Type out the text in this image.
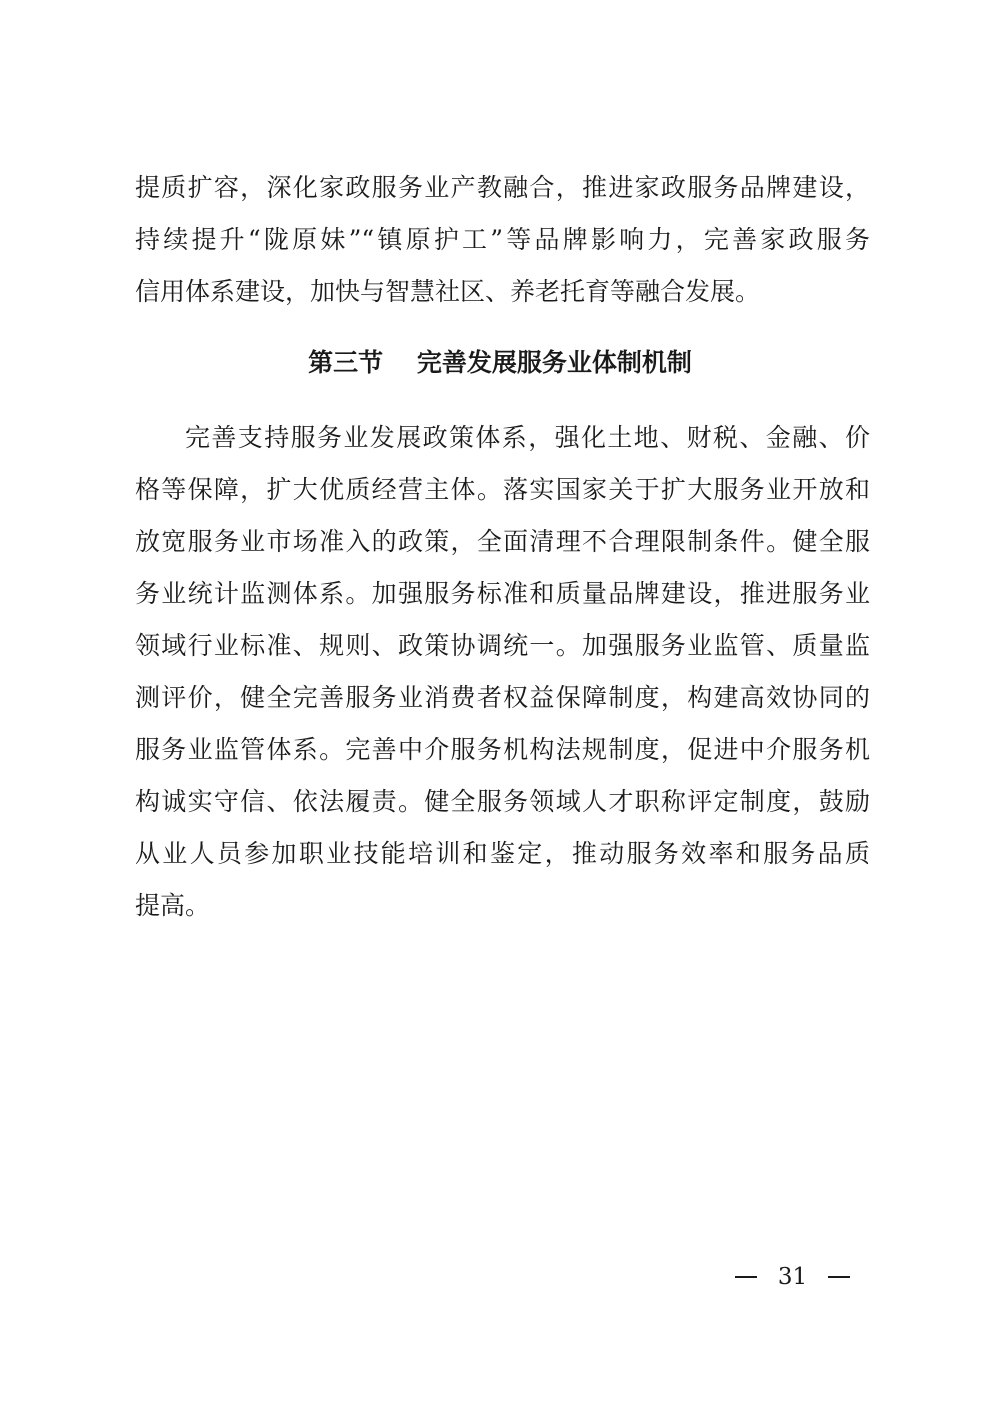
提质扩容，深化家政服务业产教融合，推进家政服务品牌建设，
持续提升“陇原妹”“镇原护工”等品牌影响力，完善家政服务
信用体系建设，加快与智慧社区、养老托育等融合发展。
第三节　 完善发展服务业体制机制
完善支持服务业发展政策体系，强化土地、财税、金融、价
格等保障，扩大优质经营主体。落实国家关于扩大服务业开放和
放宽服务业市场准入的政策，全面清理不合理限制条件。健全服
务业统计监测体系。加强服务标准和质量品牌建设，推进服务业
领域行业标准、规则、政策协调统一。加强服务业监管、质量监
测评价，健全完善服务业消费者权益保障制度，构建高效协同的
服务业监管体系。完善中介服务机构法规制度，促进中介服务机
构诚实守信、依法履责。健全服务领域人才职称评定制度，鼓励
从业人员参加职业技能培训和鉴定，推动服务效率和服务品质
提高。
31
